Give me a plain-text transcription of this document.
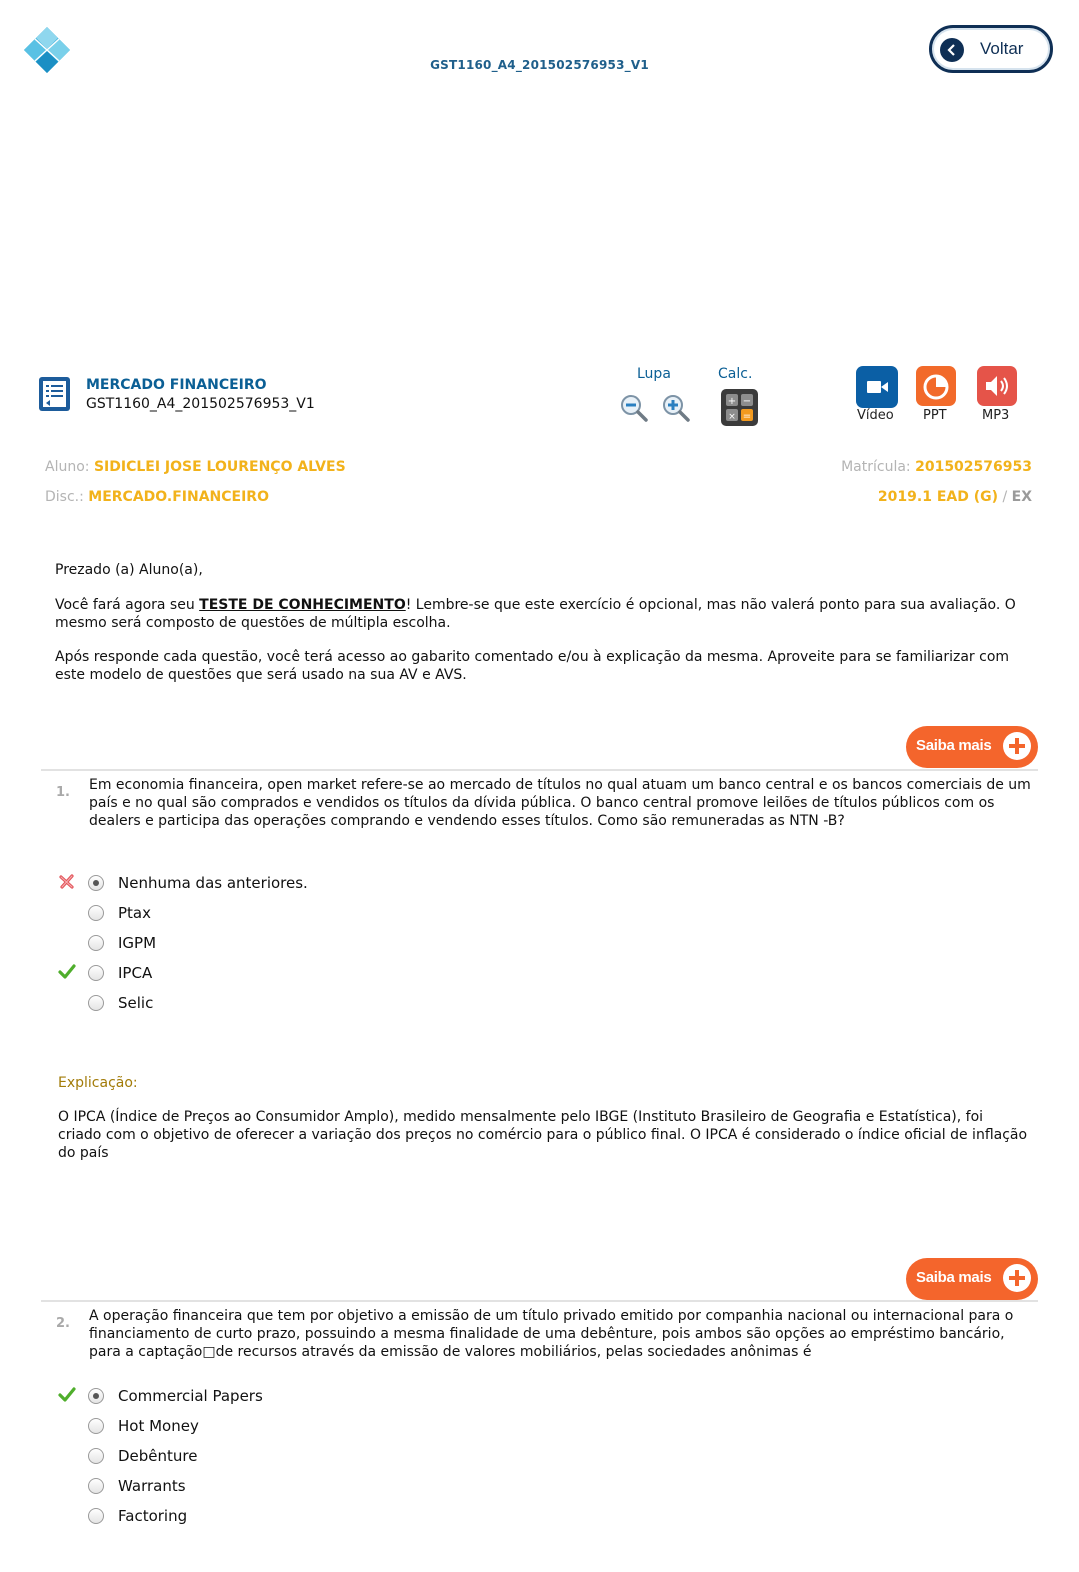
GST1160_A4_201502576953_V1
Voltar
MERCADO FINANCEIRO
GST1160_A4_201502576953_V1
Lupa	Calc.
+ −
× =	Vídeo PPT	MP3
Aluno: SIDICLEI JOSE LOURENÇO ALVES
Disc.: MERCADO.FINANCEIRO
Matrícula: 201502576953
2019.1 EAD (G) / EX
Prezado (a) Aluno(a),
Você fará agora seu TESTE DE CONHECIMENTO! Lembre-se que este exercício é opcional, mas não valerá ponto para sua avaliação. O mesmo será composto de questões de múltipla escolha.
Após responde cada questão, você terá acesso ao gabarito comentado e/ou à explicação da mesma. Aproveite para se familiarizar com este modelo de questões que será usado na sua AV e AVS.
Saiba mais
1. Em economia financeira, open market refere-se ao mercado de títulos no qual atuam um banco central e os bancos comerciais de um país e no qual são comprados e vendidos os títulos da dívida pública. O banco central promove leilões de títulos públicos com os dealers e participa das operações comprando e vendendo esses títulos. Como são remuneradas as NTN -B?
Nenhuma das anteriores.
Ptax
IGPM
IPCA
Selic
Explicação:
O IPCA (Índice de Preços ao Consumidor Amplo), medido mensalmente pelo IBGE (Instituto Brasileiro de Geografia e Estatística), foi criado com o objetivo de oferecer a variação dos preços no comércio para o público final. O IPCA é considerado o índice oficial de inflação do país
Saiba mais
2. A operação financeira que tem por objetivo a emissão de um título privado emitido por companhia nacional ou internacional para o financiamento de curto prazo, possuindo a mesma finalidade de uma debênture, pois ambos são opções ao empréstimo bancário, para a captação□de recursos através da emissão de valores mobiliários, pelas sociedades anônimas é
Commercial Papers
Hot Money
Debênture
Warrants
Factoring
